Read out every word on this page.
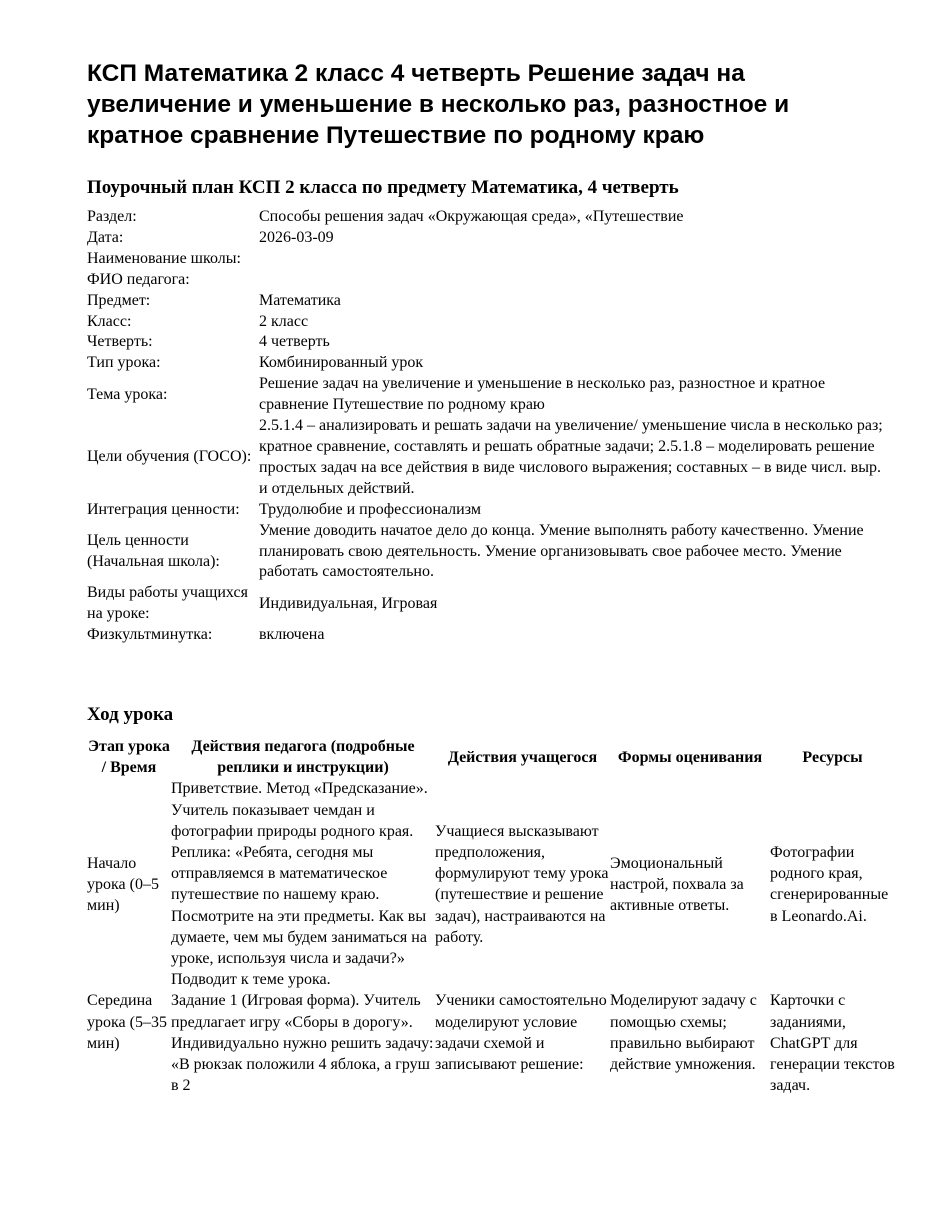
КСП Математика 2 класс 4 четверть Решение задач на увеличение и уменьшение в несколько раз, разностное и кратное сравнение Путешествие по родному краю
Поурочный план КСП 2 класса по предмету Математика, 4 четверть
Раздел:	Способы решения задач «Окружающая среда», «Путешествие
Дата:	2026-03-09
Наименование школы:	
ФИО педагога:	
Предмет:	Математика
Класс:	2 класс
Четверть:	4 четверть
Тип урока:	Комбинированный урок
Тема урока:	Решение задач на увеличение и уменьшение в несколько раз, разностное и кратное сравнение Путешествие по родному краю
Цели обучения (ГОСО):	2.5.1.4 – анализировать и решать задачи на увеличение/ уменьшение числа в несколько раз; кратное сравнение, составлять и решать обратные задачи; 2.5.1.8 – моделировать решение простых задач на все действия в виде числового выражения; составных – в виде числ. выр. и отдельных действий.
Интеграция ценности:	Трудолюбие и профессионализм
Цель ценности (Начальная школа):	Умение доводить начатое дело до конца. Умение выполнять работу качественно. Умение планировать свою деятельность. Умение организовывать свое рабочее место. Умение работать самостоятельно.
Виды работы учащихся на уроке:	Индивидуальная, Игровая
Физкультминутка:	включена
Ход урока
Этап урока / Время	Действия педагога (подробные реплики и инструкции)	Действия учащегося	Формы оценивания	Ресурсы
Начало урока (0–5 мин)	Приветствие. Метод «Предсказание». Учитель показывает чемдан и фотографии природы родного края. Реплика: «Ребята, сегодня мы отправляемся в математическое путешествие по нашему краю. Посмотрите на эти предметы. Как вы думаете, чем мы будем заниматься на уроке, используя числа и задачи?» Подводит к теме урока.	Учащиеся высказывают предположения, формулируют тему урока (путешествие и решение задач), настраиваются на работу.	Эмоциональный настрой, похвала за активные ответы.	Фотографии родного края, сгенерированные в Leonardo.Ai.
Середина урока (5–35 мин)	Задание 1 (Игровая форма). Учитель предлагает игру «Сборы в дорогу». Индивидуально нужно решить задачу: «В рюкзак положили 4 яблока, а груш в 2	Ученики самостоятельно моделируют условие задачи схемой и записывают решение:	Моделируют задачу с помощью схемы; правильно выбирают действие умножения.	Карточки с заданиями, ChatGPT для генерации текстов задач.
